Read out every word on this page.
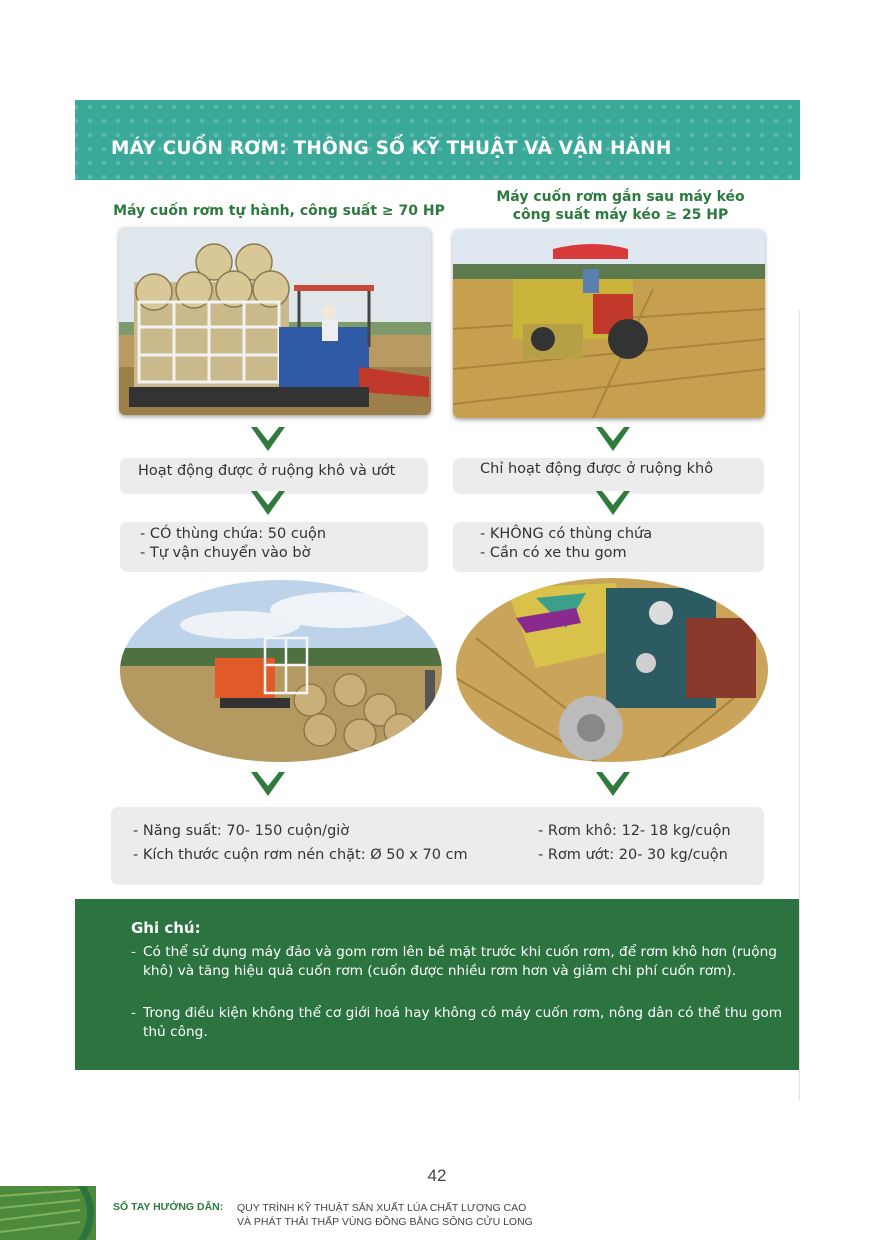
MÁY CUỐN RƠM: THÔNG SỐ KỸ THUẬT VÀ VẬN HÀNH
Máy cuốn rơm tự hành, công suất ≥ 70 HP
Máy cuốn rơm gắn sau máy kéo
công suất máy kéo ≥ 25 HP
Hoạt động được ở ruộng khô và ướt	Chỉ hoạt động được ở ruộng khô
- CÓ thùng chứa: 50 cuộn
- Tự vận chuyển vào bờ
- KHÔNG có thùng chứa
- Cần có xe thu gom
- Năng suất: 70- 150 cuộn/giờ
- Kích thước cuộn rơm nén chặt: Ø 50 x 70 cm
- Rơm khô: 12- 18 kg/cuộn
- Rơm ướt: 20- 30 kg/cuộn
Ghi chú:
- Có thể sử dụng máy đảo và gom rơm lên bề mặt trước khi cuốn rơm, để rơm khô hơn (ruộng khô) và tăng hiệu quả cuốn rơm (cuốn được nhiều rơm hơn và giảm chi phí cuốn rơm).
- Trong điều kiện không thể cơ giới hoá hay không có máy cuốn rơm, nông dân có thể thu gom thủ công.
42
SỔ TAY HƯỚNG DẪN: QUY TRÌNH KỸ THUẬT SẢN XUẤT LÚA CHẤT LƯỢNG CAO
VÀ PHÁT THẢI THẤP VÙNG ĐỒNG BẰNG SÔNG CỬU LONG
